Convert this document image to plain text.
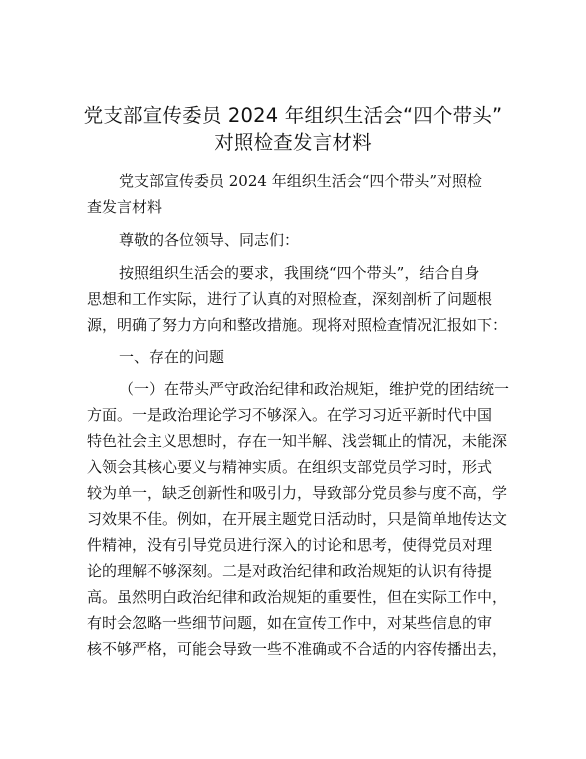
党支部宣传委员 2024 年组织生活会“四个带头”
对照检查发言材料
党支部宣传委员 2024 年组织生活会“四个带头”对照检
查发言材料
尊敬的各位领导、同志们：
按照组织生活会的要求，我围绕“四个带头”，结合自身
思想和工作实际，进行了认真的对照检查，深刻剖析了问题根
源，明确了努力方向和整改措施。现将对照检查情况汇报如下：
一、存在的问题
（一）在带头严守政治纪律和政治规矩，维护党的团结统一
方面。一是政治理论学习不够深入。在学习习近平新时代中国
特色社会主义思想时，存在一知半解、浅尝辄止的情况，未能深
入领会其核心要义与精神实质。在组织支部党员学习时，形式
较为单一，缺乏创新性和吸引力，导致部分党员参与度不高，学
习效果不佳。例如，在开展主题党日活动时，只是简单地传达文
件精神，没有引导党员进行深入的讨论和思考，使得党员对理
论的理解不够深刻。二是对政治纪律和政治规矩的认识有待提
高。虽然明白政治纪律和政治规矩的重要性，但在实际工作中，
有时会忽略一些细节问题，如在宣传工作中，对某些信息的审
核不够严格，可能会导致一些不准确或不合适的内容传播出去，
